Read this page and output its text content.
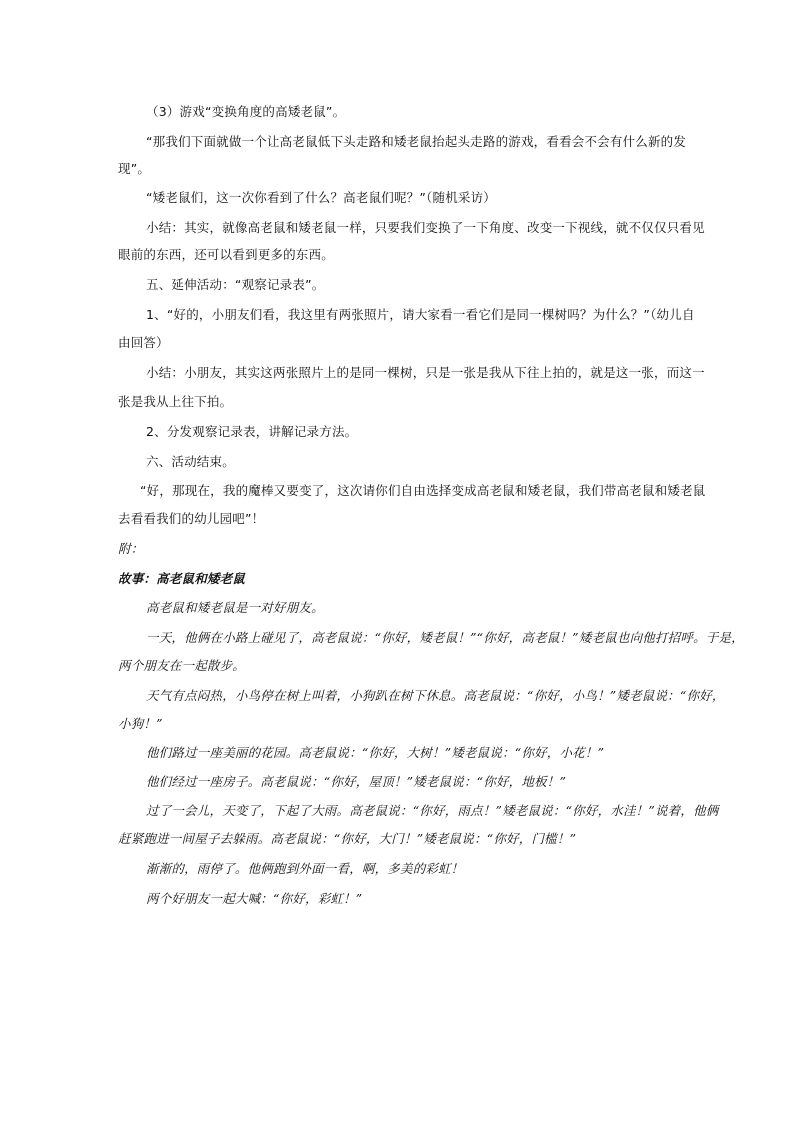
（3）游戏“变换角度的高矮老鼠”。
“那我们下面就做一个让高老鼠低下头走路和矮老鼠抬起头走路的游戏，看看会不会有什么新的发
现”。
“矮老鼠们，这一次你看到了什么？高老鼠们呢？”（随机采访）
小结：其实，就像高老鼠和矮老鼠一样，只要我们变换了一下角度、改变一下视线，就不仅仅只看见
眼前的东西，还可以看到更多的东西。
五、延伸活动：“观察记录表”。
1、“好的，小朋友们看，我这里有两张照片，请大家看一看它们是同一棵树吗？为什么？”（幼儿自
由回答）
小结：小朋友，其实这两张照片上的是同一棵树，只是一张是我从下往上拍的，就是这一张，而这一
张是我从上往下拍。
2、分发观察记录表，讲解记录方法。
六、活动结束。
“好，那现在，我的魔棒又要变了，这次请你们自由选择变成高老鼠和矮老鼠，我们带高老鼠和矮老鼠
去看看我们的幼儿园吧”！
附：
故事：高老鼠和矮老鼠
高老鼠和矮老鼠是一对好朋友。
一天，他俩在小路上碰见了，高老鼠说：“你好，矮老鼠！”“你好，高老鼠！”矮老鼠也向他打招呼。于是，
两个朋友在一起散步。
天气有点闷热，小鸟停在树上叫着，小狗趴在树下休息。高老鼠说：“你好，小鸟！”矮老鼠说：“你好，
小狗！”
他们路过一座美丽的花园。高老鼠说：“你好，大树！”矮老鼠说：“你好，小花！”
他们经过一座房子。高老鼠说：“你好，屋顶！”矮老鼠说：“你好，地板！”
过了一会儿，天变了，下起了大雨。高老鼠说：“你好，雨点！”矮老鼠说：“你好，水洼！”说着，他俩
赶紧跑进一间屋子去躲雨。高老鼠说：“你好，大门！”矮老鼠说：“你好，门槛！”
渐渐的，雨停了。他俩跑到外面一看，啊，多美的彩虹！
两个好朋友一起大喊：“你好，彩虹！”
